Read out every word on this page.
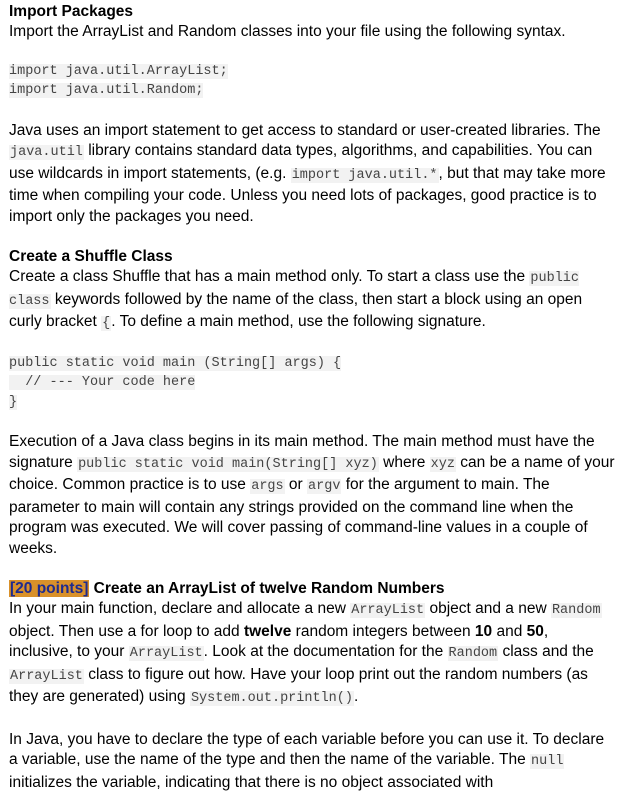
Import Packages

Import the ArrayList and Random classes into your file using the following syntax.

import java.util.ArrayList;
import java.util.Random;

Java uses an import statement to get access to standard or user-created libraries. The java.util library contains standard data types, algorithms, and capabilities. You can use wildcards in import statements, (e.g. import java.util.*, but that may take more time when compiling your code. Unless you need lots of packages, good practice is to import only the packages you need.

Create a Shuffle Class

Create a class Shuffle that has a main method only. To start a class use the public class keywords followed by the name of the class, then start a block using an open curly bracket {. To define a main method, use the following signature.

public static void main (String[] args) {
// --- Your code here
}

Execution of a Java class begins in its main method. The main method must have the signature public static void main(String[] xyz) where xyz can be a name of your choice. Common practice is to use args or argv for the argument to main. The parameter to main will contain any strings provided on the command line when the program was executed. We will cover passing of command-line values in a couple of weeks.

[20 points] Create an ArrayList of twelve Random Numbers

In your main function, declare and allocate a new ArrayList object and a new Random object. Then use a for loop to add twelve random integers between 10 and 50, inclusive, to your ArrayList. Look at the documentation for the Random class and the ArrayList class to figure out how. Have your loop print out the random numbers (as they are generated) using System.out.println().

In Java, you have to declare the type of each variable before you can use it. To declare a variable, use the name of the type and then the name of the variable. The null initializes the variable, indicating that there is no object associated with
